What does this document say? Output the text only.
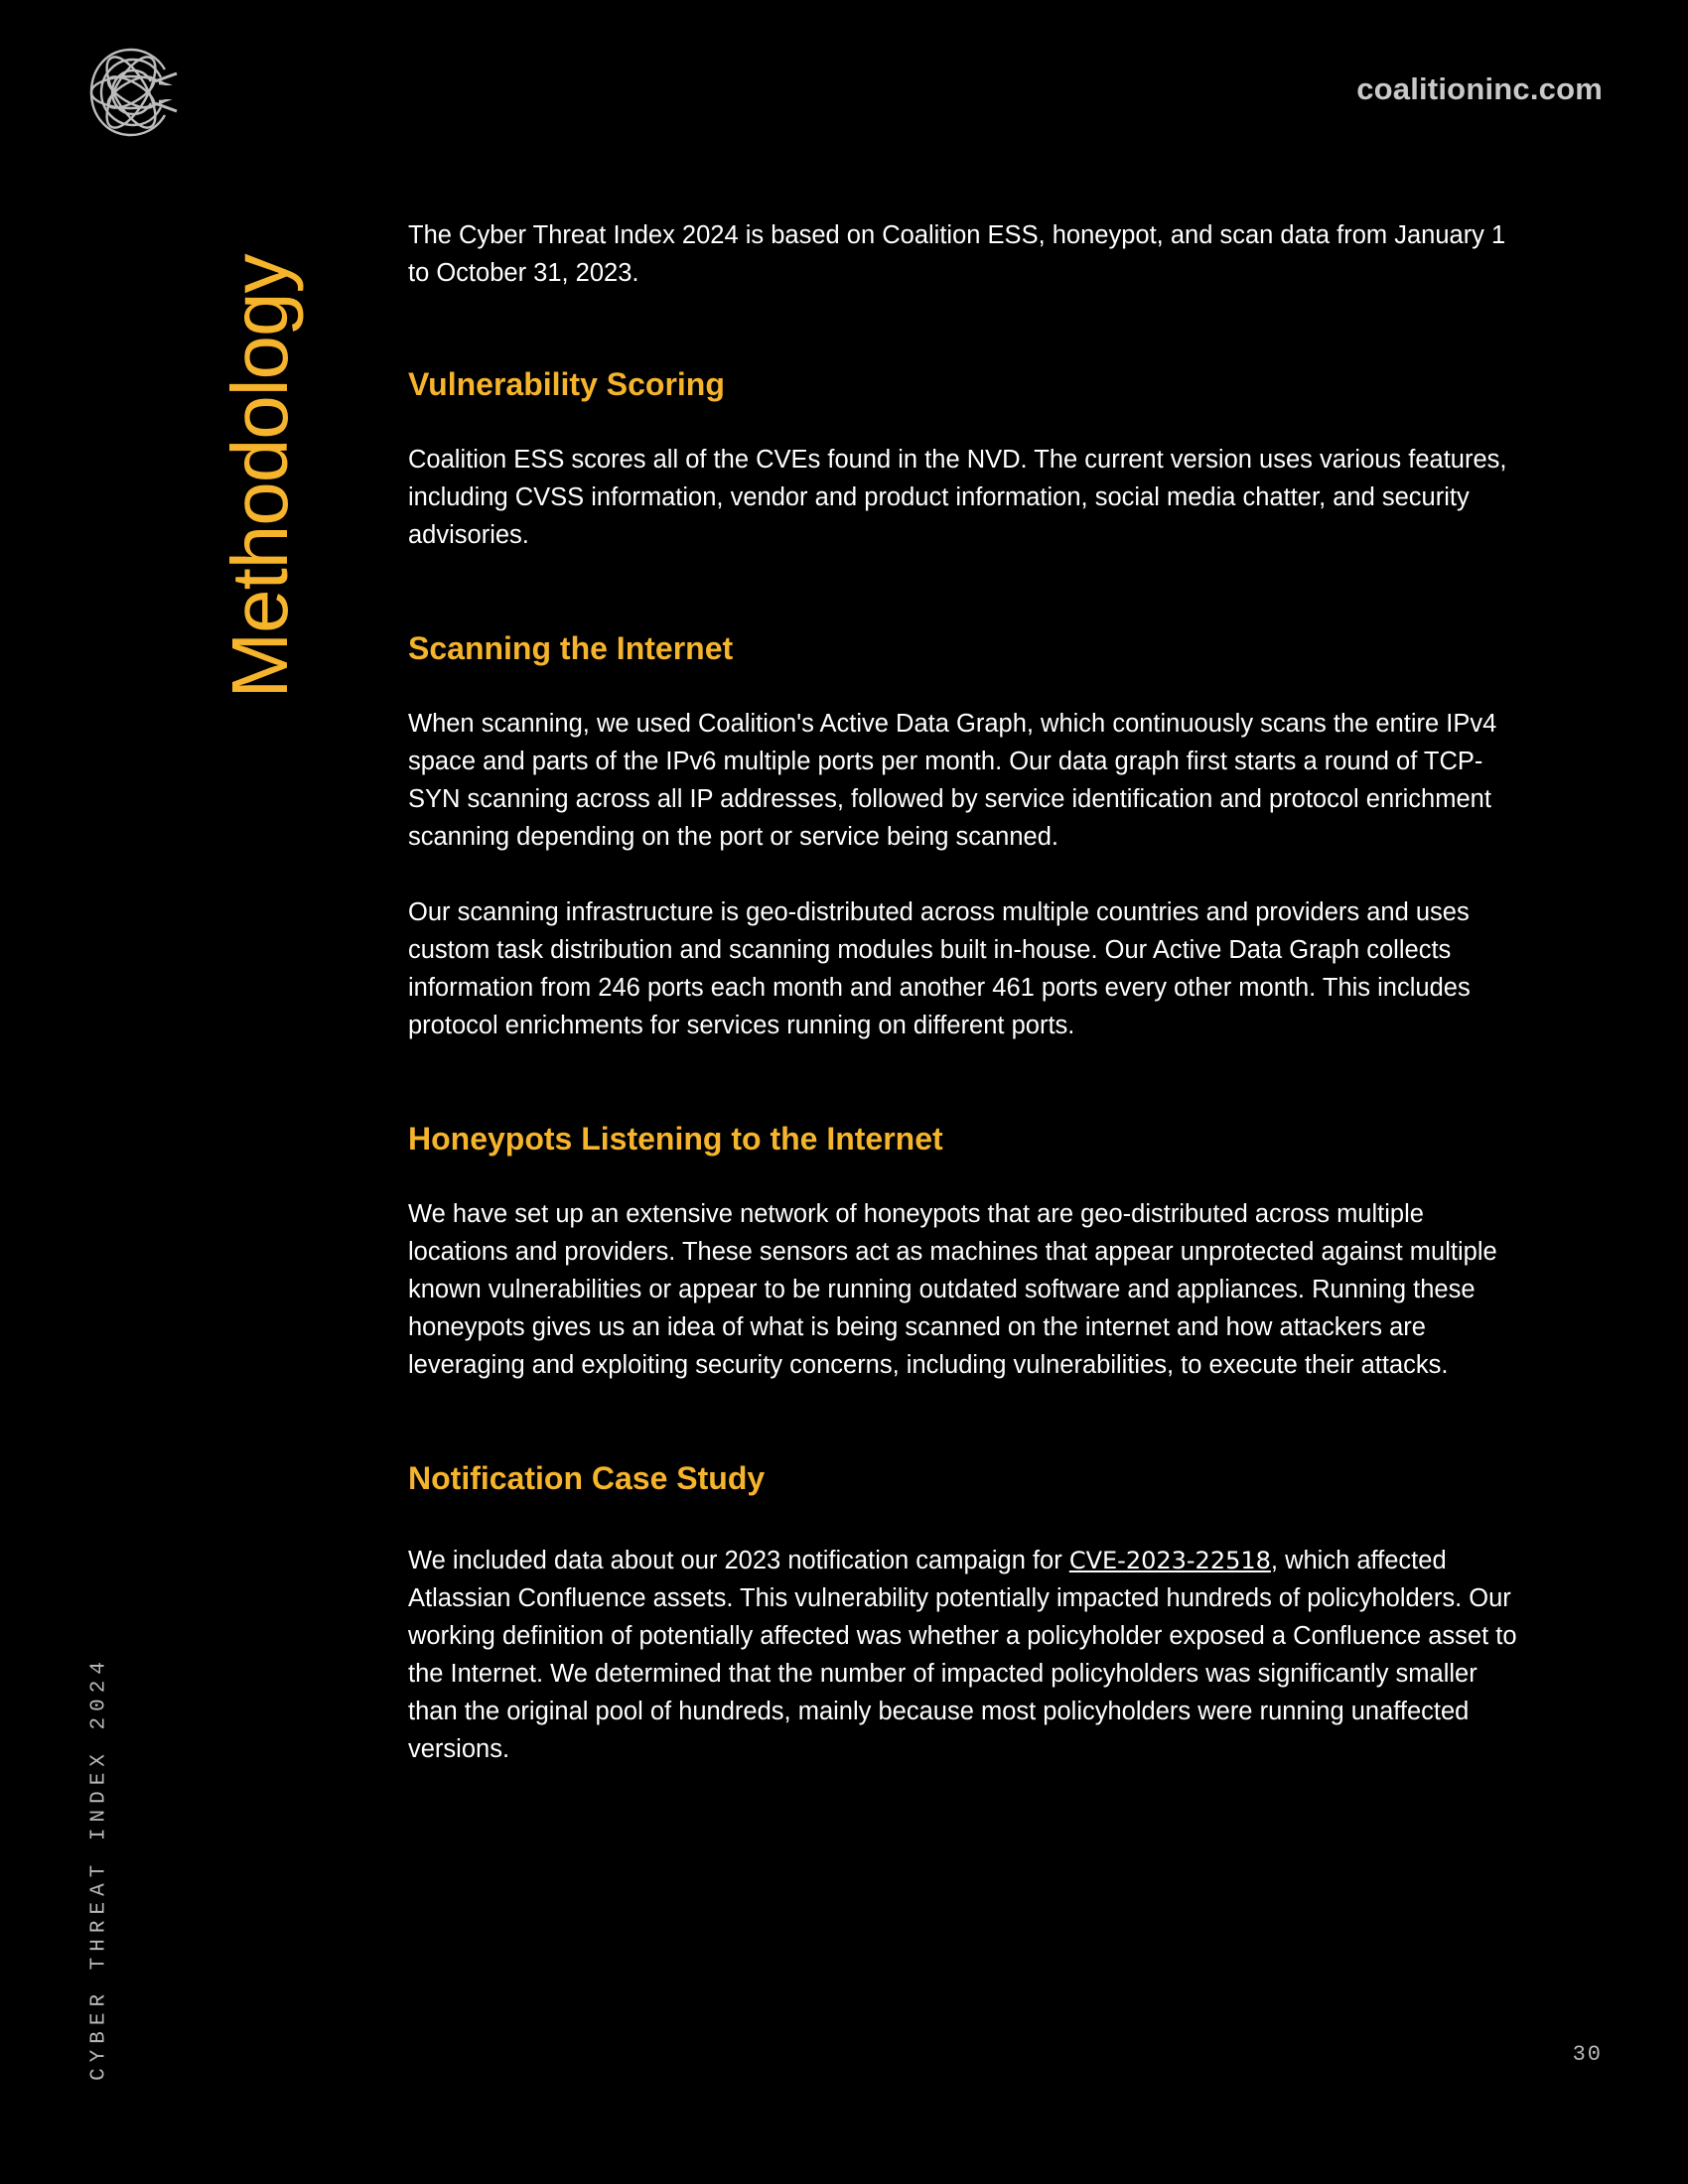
coalitioninc.com

Methodology

CYBER THREAT INDEX 2024

The Cyber Threat Index 2024 is based on Coalition ESS, honeypot, and scan data from January 1 to October 31, 2023.

Vulnerability Scoring

Coalition ESS scores all of the CVEs found in the NVD. The current version uses various features, including CVSS information, vendor and product information, social media chatter, and security advisories.

Scanning the Internet

When scanning, we used Coalition's Active Data Graph, which continuously scans the entire IPv4 space and parts of the IPv6 multiple ports per month. Our data graph first starts a round of TCP-SYN scanning across all IP addresses, followed by service identification and protocol enrichment scanning depending on the port or service being scanned.

Our scanning infrastructure is geo-distributed across multiple countries and providers and uses custom task distribution and scanning modules built in-house. Our Active Data Graph collects information from 246 ports each month and another 461 ports every other month. This includes protocol enrichments for services running on different ports.

Honeypots Listening to the Internet

We have set up an extensive network of honeypots that are geo-distributed across multiple locations and providers. These sensors act as machines that appear unprotected against multiple known vulnerabilities or appear to be running outdated software and appliances. Running these honeypots gives us an idea of what is being scanned on the internet and how attackers are leveraging and exploiting security concerns, including vulnerabilities, to execute their attacks.

Notification Case Study

We included data about our 2023 notification campaign for CVE-2023-22518, which affected Atlassian Confluence assets. This vulnerability potentially impacted hundreds of policyholders. Our working definition of potentially affected was whether a policyholder exposed a Confluence asset to the Internet. We determined that the number of impacted policyholders was significantly smaller than the original pool of hundreds, mainly because most policyholders were running unaffected versions.

30
